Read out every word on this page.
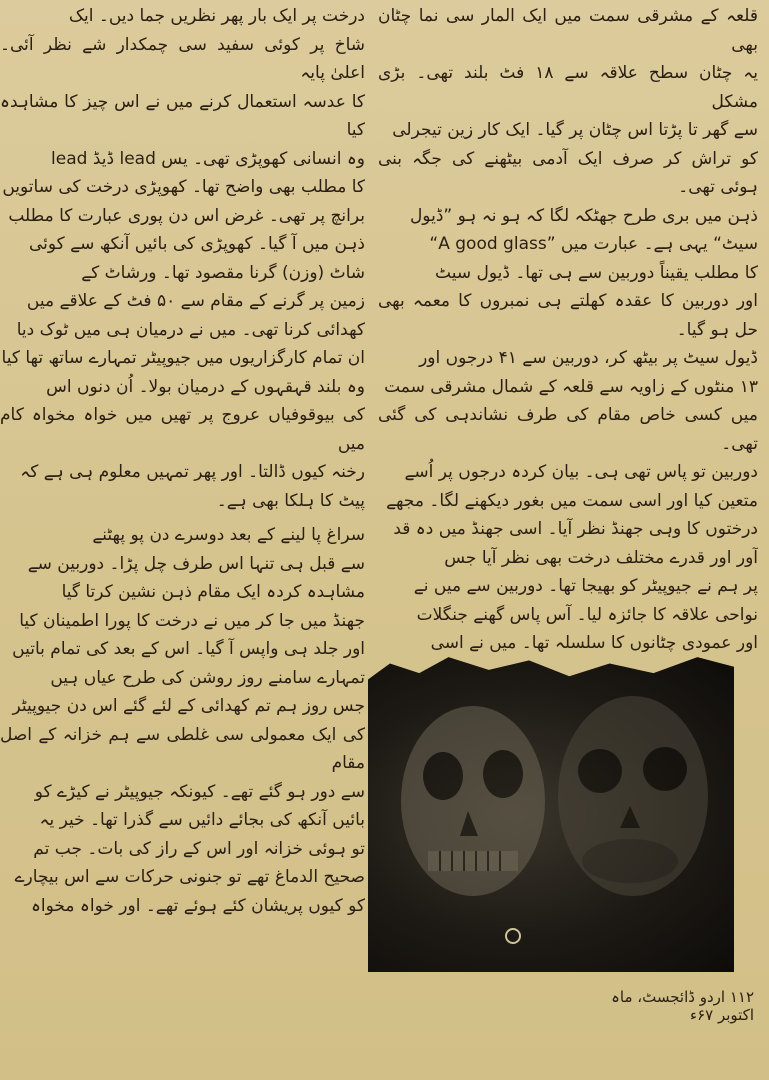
قلعہ کے مشرقی سمت میں ایک المار سی نما چٹان بھی

یہ چٹان سطح علاقہ سے ۱۸ فٹ بلند تھی۔ بڑی مشکل

سے گھر تا پڑتا اس چٹان پر گیا۔ ایک کار زین تیجرلی

کو تراش کر صرف ایک آدمی بیٹھنے کی جگہ بنی ہوئی تھی۔

ذہن میں بری طرح جھٹکہ لگا کہ ہو نہ ہو ”ڈیول

سیٹ“ یہی ہے۔ عبارت میں ”A good glass“

کا مطلب یقیناً دوربین سے ہی تھا۔ ڈیول سیٹ

اور دوربین کا عقدہ کھلتے ہی نمبروں کا معمہ بھی حل ہو گیا۔

ڈیول سیٹ پر بیٹھ کر، دوربین سے ۴۱ درجوں اور

۱۳ منٹوں کے زاویہ سے قلعہ کے شمال مشرقی سمت

میں کسی خاص مقام کی طرف نشاندہی کی گئی تھی۔

دوربین تو پاس تھی ہی۔ بیان کردہ درجوں پر اُسے

متعین کیا اور اسی سمت میں بغور دیکھنے لگا۔ مجھے

درختوں کا وہی جھنڈ نظر آیا۔ اسی جھنڈ میں دہ قد

آور اور قدرے مختلف درخت بھی نظر آیا جس

پر ہم نے جیوپیٹر کو بھیجا تھا۔ دوربین سے میں نے

نواحی علاقہ کا جائزہ لیا۔ آس پاس گھنے جنگلات

اور عمودی چٹانوں کا سلسلہ تھا۔ میں نے اسی

درخت پر ایک بار پھر نظریں جما دیں۔ ایک

شاخ پر کوئی سفید سی چمکدار شے نظر آئی۔ اعلیٰ پایہ

کا عدسہ استعمال کرنے میں نے اس چیز کا مشاہدہ کیا

وہ انسانی کھوپڑی تھی۔ یس lead ڈیڈ lead

کا مطلب بھی واضح تھا۔ کھوپڑی درخت کی ساتویں

برانچ پر تھی۔ غرض اس دن پوری عبارت کا مطلب

ذہن میں آ گیا۔ کھوپڑی کی بائیں آنکھ سے کوئی

شاٹ (وزن) گرنا مقصود تھا۔ ورشاٹ کے

زمین پر گرنے کے مقام سے ۵۰ فٹ کے علاقے میں

کھدائی کرنا تھی۔ میں نے درمیان ہی میں ٹوک دیا

ان تمام کارگزاریوں میں جیوپیٹر تمہارے ساتھ تھا کیا

وہ بلند قہقہوں کے درمیان بولا۔ اُن دنوں اس

کی بیوقوفیاں عروج پر تھیں میں خواہ مخواہ کام میں

رخنہ کیوں ڈالتا۔ اور پھر تمہیں معلوم ہی ہے کہ

پیٹ کا ہلکا بھی ہے۔

سراغ پا لینے کے بعد دوسرے دن پو پھٹنے

سے قبل ہی تنہا اس طرف چل پڑا۔ دوربین سے

مشاہدہ کردہ ایک مقام ذہن نشین کرتا گیا

جھنڈ میں جا کر میں نے درخت کا پورا اطمینان کیا

اور جلد ہی واپس آ گیا۔ اس کے بعد کی تمام باتیں

تمہارے سامنے روز روشن کی طرح عیاں ہیں

جس روز ہم تم کھدائی کے لئے گئے اس دن جیوپیٹر

کی ایک معمولی سی غلطی سے ہم خزانہ کے اصل مقام

سے دور ہو گئے تھے۔ کیونکہ جیوپیٹر نے کیڑے کو

بائیں آنکھ کی بجائے دائیں سے گذرا تھا۔ خیر یہ

تو ہوئی خزانہ اور اس کے راز کی بات۔ جب تم

صحیح الدماغ تھے تو جنونی حرکات سے اس بیچارے

کو کیوں پریشان کئے ہوئے تھے۔ اور خواہ مخواہ

۱۱۲ اردو ڈائجسٹ، ماہ اکتوبر ۶۷ء
